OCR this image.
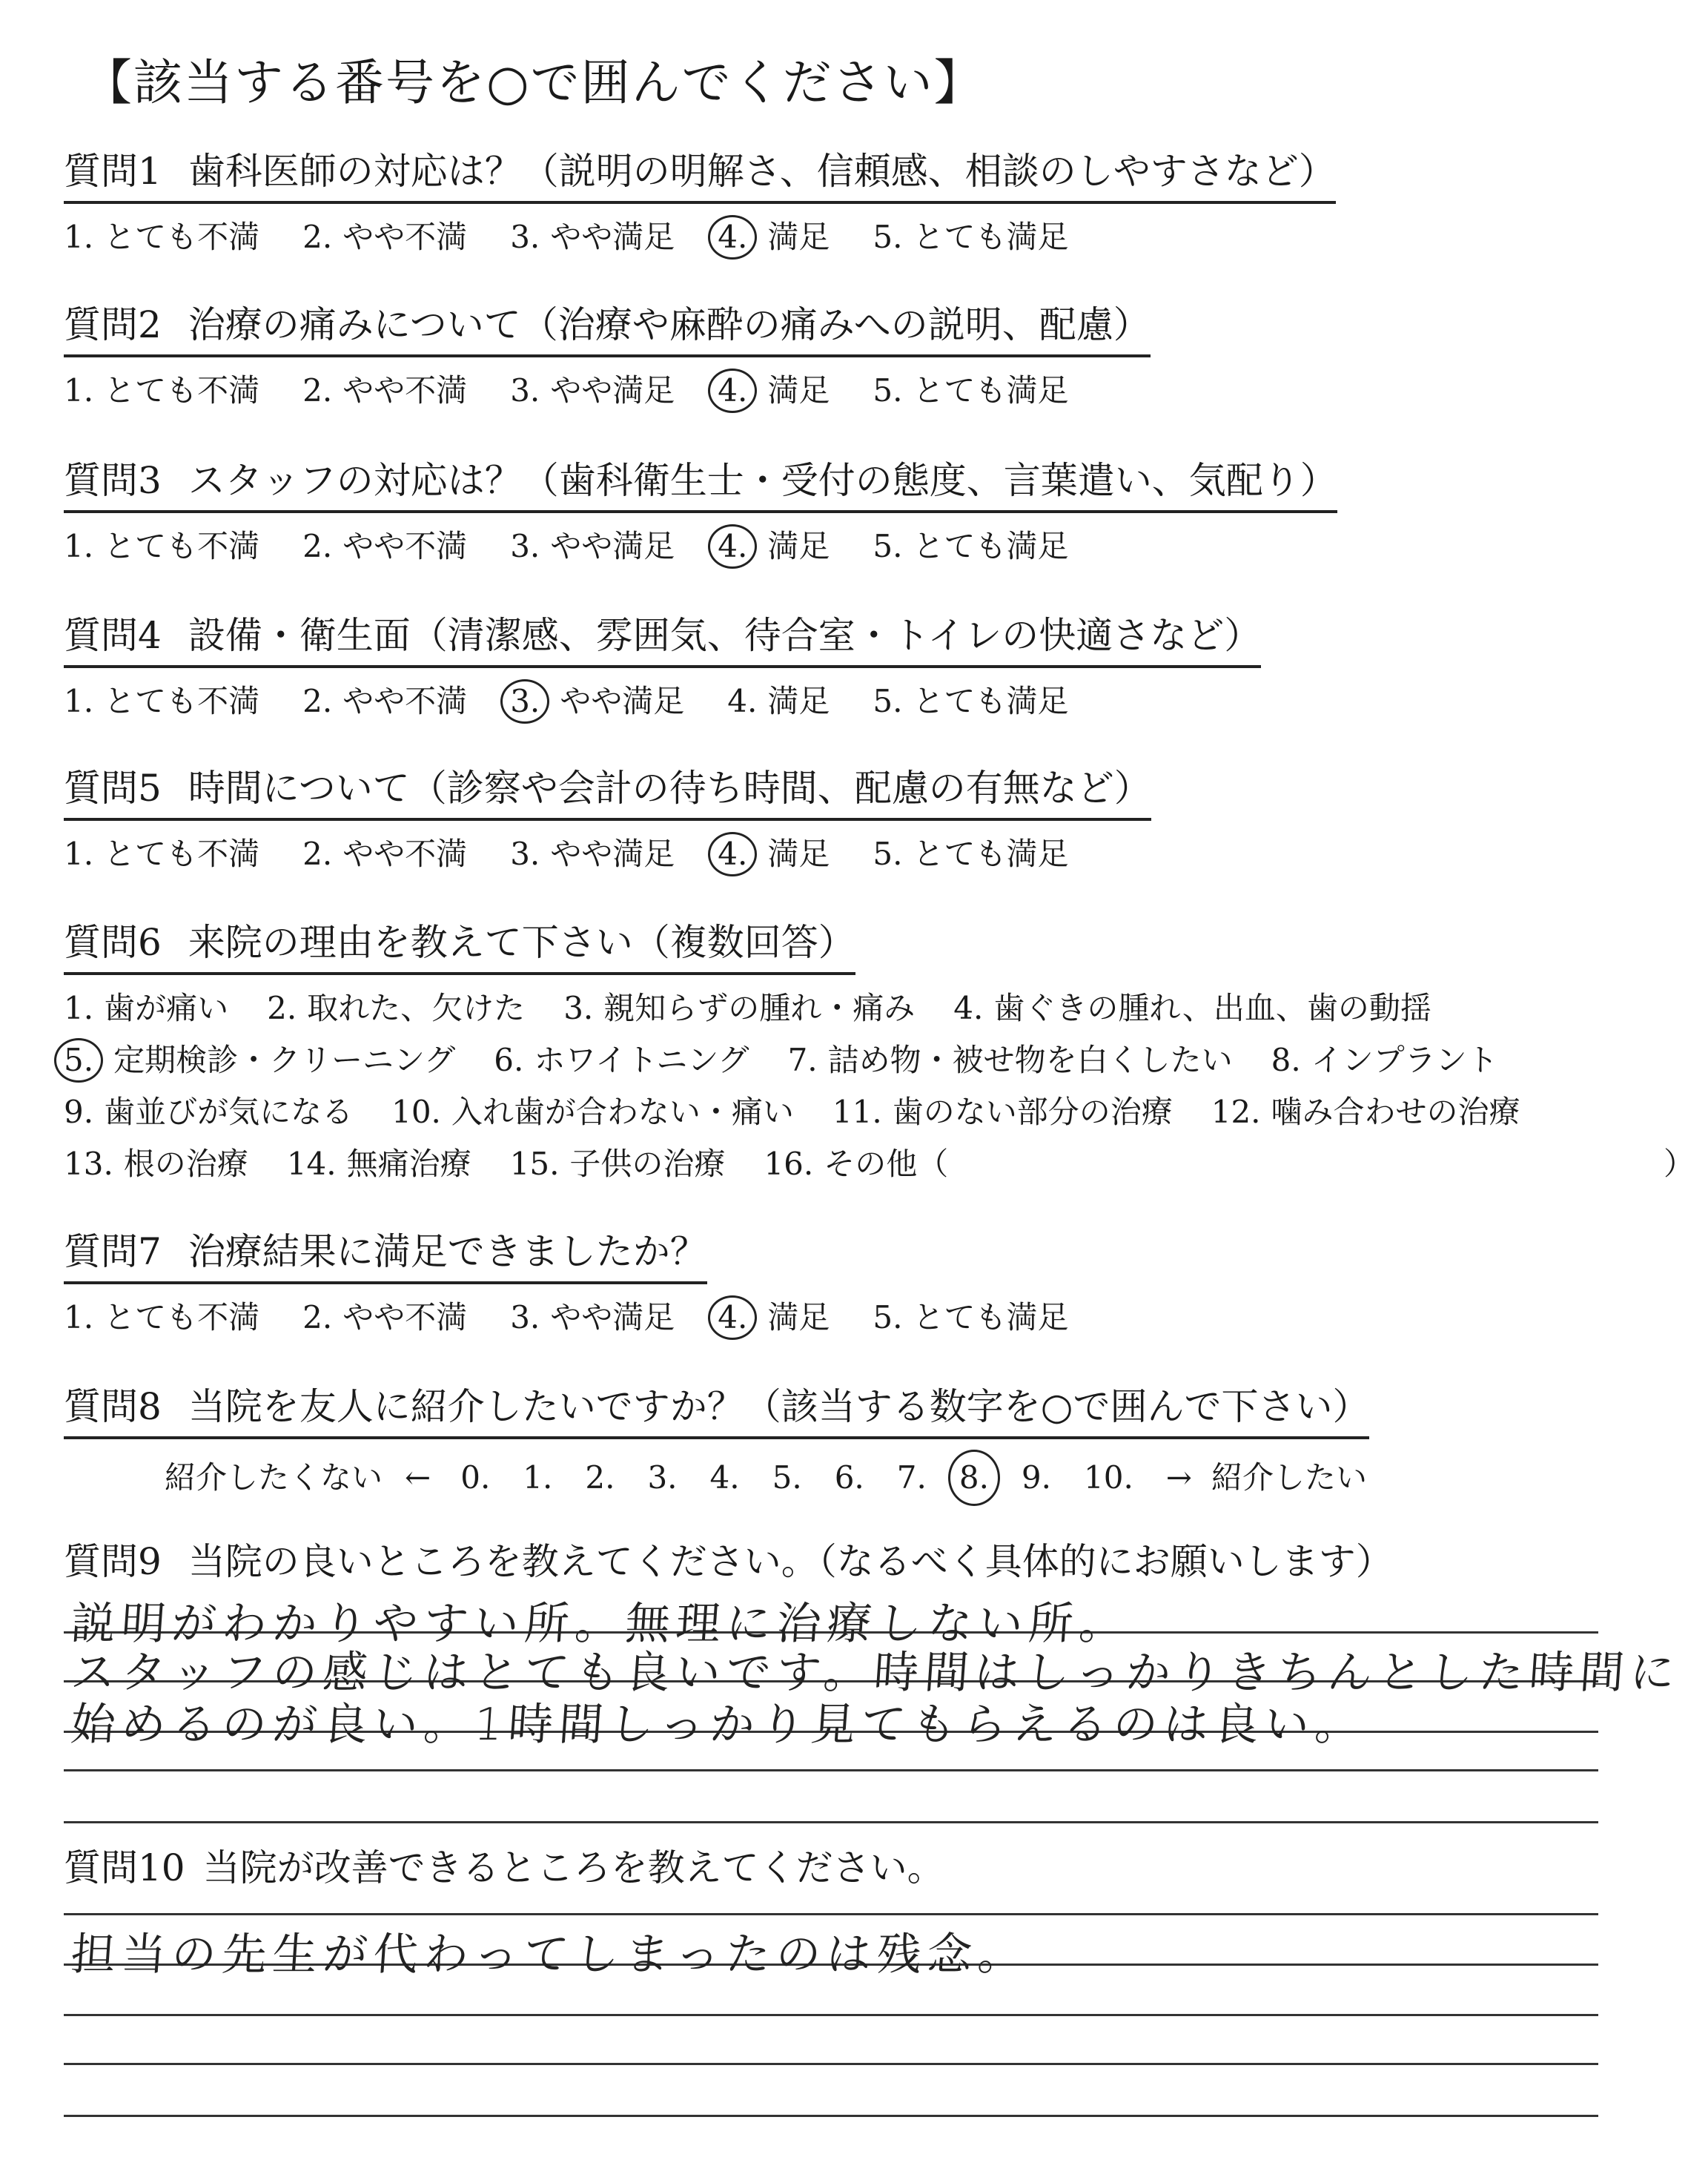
【該当する番号を○で囲んでください】
質問1 歯科医師の対応は？（説明の明解さ、信頼感、相談のしやすさなど）
1. とても不満 2. やや不満 3. やや満足 4. 満足 5. とても満足
質問2 治療の痛みについて（治療や麻酔の痛みへの説明、配慮）
1. とても不満 2. やや不満 3. やや満足 4. 満足 5. とても満足
質問3 スタッフの対応は？（歯科衛生士・受付の態度、言葉遣い、気配り）
1. とても不満 2. やや不満 3. やや満足 4. 満足 5. とても満足
質問4 設備・衛生面（清潔感、雰囲気、待合室・トイレの快適さなど）
1. とても不満 2. やや不満 3. やや満足 4. 満足 5. とても満足
質問5 時間について（診察や会計の待ち時間、配慮の有無など）
1. とても不満 2. やや不満 3. やや満足 4. 満足 5. とても満足
質問6 来院の理由を教えて下さい（複数回答）
1. 歯が痛い 2. 取れた、欠けた 3. 親知らずの腫れ・痛み 4. 歯ぐきの腫れ、出血、歯の動揺
5. 定期検診・クリーニング 6. ホワイトニング 7. 詰め物・被せ物を白くしたい 8. インプラント
9. 歯並びが気になる 10. 入れ歯が合わない・痛い 11. 歯のない部分の治療 12. 噛み合わせの治療
13. 根の治療 14. 無痛治療 15. 子供の治療 16. その他（	）
質問7 治療結果に満足できましたか？
1. とても不満 2. やや不満 3. やや満足 4. 満足 5. とても満足
質問8 当院を友人に紹介したいですか？（該当する数字を○で囲んで下さい）
紹介したくない ← 0. 1. 2. 3. 4. 5. 6. 7. 8. 9. 10. → 紹介したい
質問9 当院の良いところを教えてください。（なるべく具体的にお願いします）
説明がわかりやすい所。無理に治療しない所。
スタッフの感じはとても良いです。時間はしっかりきちんとした時間に
始めるのが良い。1時間しっかり見てもらえるのは良い。
質問10 当院が改善できるところを教えてください。
担当の先生が代わってしまったのは残念。
